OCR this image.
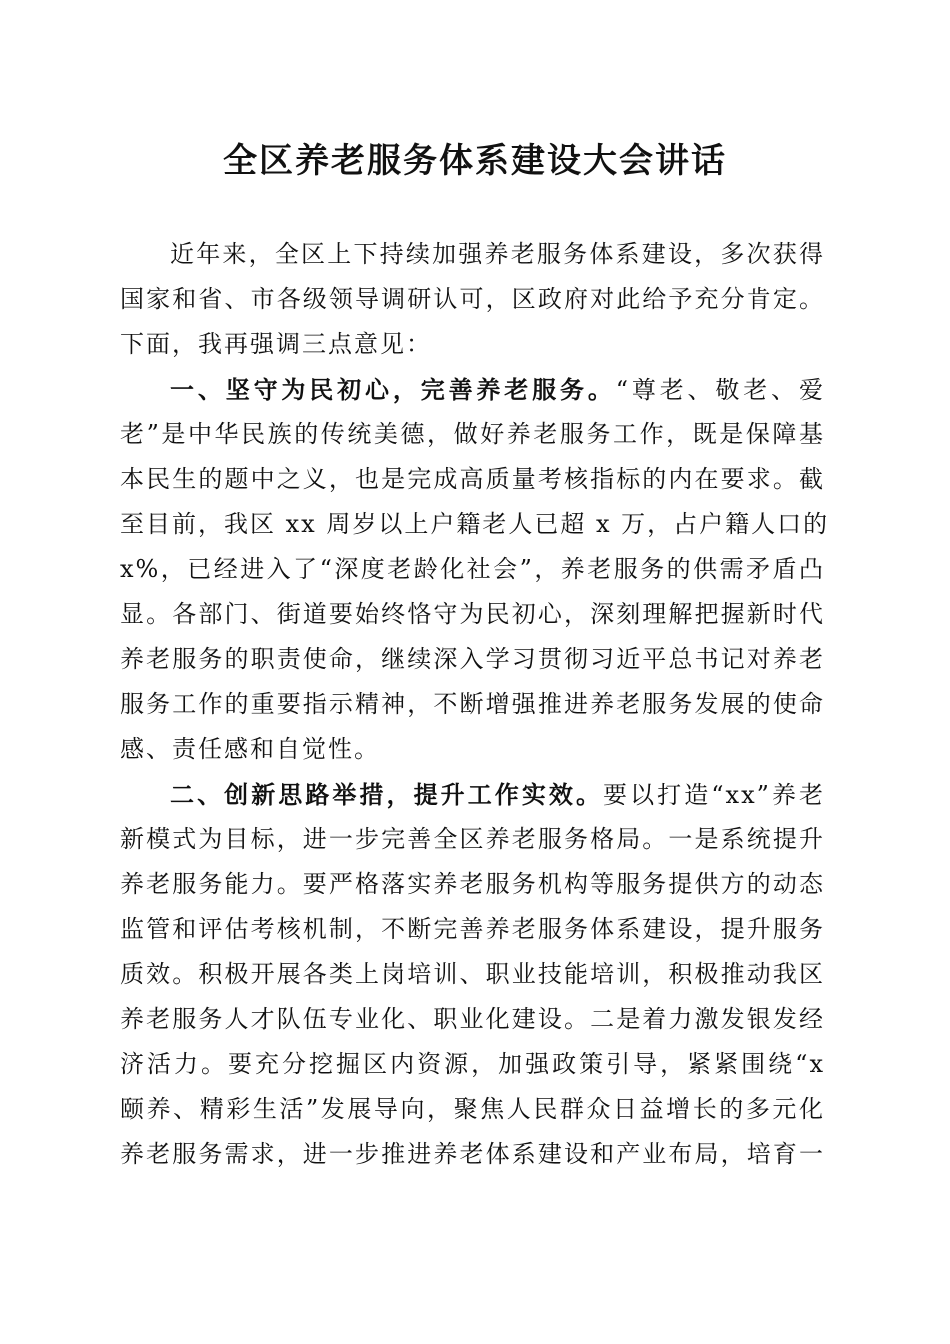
全区养老服务体系建设大会讲话
近年来，全区上下持续加强养老服务体系建设，多次获得
国家和省、市各级领导调研认可，区政府对此给予充分肯定。
下面，我再强调三点意见：
一、坚守为民初心，完善养老服务。“尊老、敬老、爱
老”是中华民族的传统美德，做好养老服务工作，既是保障基
本民生的题中之义，也是完成高质量考核指标的内在要求。截
至目前，我区 xx 周岁以上户籍老人已超 x 万，占户籍人口的
x%，已经进入了“深度老龄化社会”，养老服务的供需矛盾凸
显。各部门、街道要始终恪守为民初心，深刻理解把握新时代
养老服务的职责使命，继续深入学习贯彻习近平总书记对养老
服务工作的重要指示精神，不断增强推进养老服务发展的使命
感、责任感和自觉性。
二、创新思路举措，提升工作实效。要以打造“xx”养老
新模式为目标，进一步完善全区养老服务格局。一是系统提升
养老服务能力。要严格落实养老服务机构等服务提供方的动态
监管和评估考核机制，不断完善养老服务体系建设，提升服务
质效。积极开展各类上岗培训、职业技能培训，积极推动我区
养老服务人才队伍专业化、职业化建设。二是着力激发银发经
济活力。要充分挖掘区内资源，加强政策引导，紧紧围绕“x
颐养、精彩生活”发展导向，聚焦人民群众日益增长的多元化
养老服务需求，进一步推进养老体系建设和产业布局，培育一
